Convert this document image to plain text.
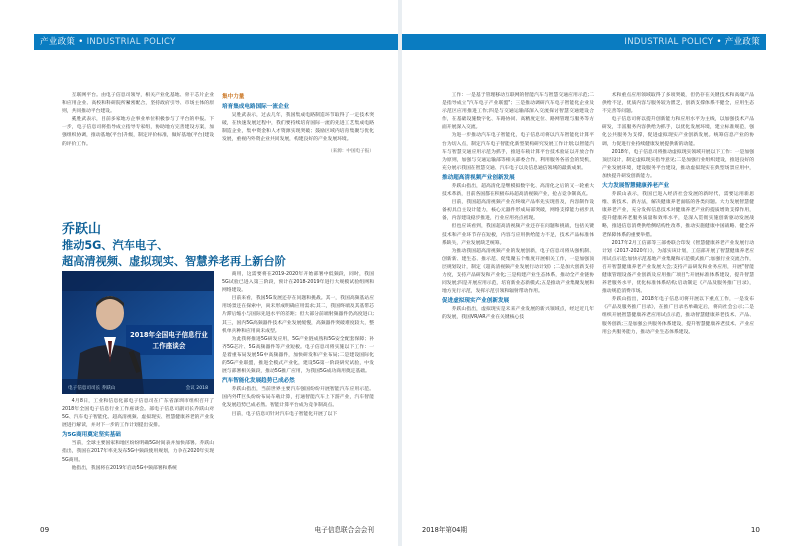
产业政策 • INDUSTRIAL POLICY

互联网平台。由电子信息司领导，相关产业化基地、骨干芯片企业和应用企业、高校和科研院所紧密配合，坚持政府引导、市场主体的原则，共同推动平台建设。

奚胜武表示，目前多家地方企事业单位积极参与了平台的申报。下一步，电子信息司将指导成立指导专家组，协助地方完善建设方案，加强组织协调，推动基地(平台)升级，制定评价标准，做好基地(平台)建设的评价工作。

集中力量
培育集成电路国际一流企业

吴胜武表示，过去几年，我国集成电路制造环节取得了一定技术突破，在快速发展过程中，我们要持续培育国际一流的先进工艺集成电路制造企业，集中资金和人才资源实现突破；鼓励区域内培育集聚与优化发展，重视内外资企业共同发展，构建良好的产业发展环境。

（来源：中国电子报）
乔跃山
推动5G、汽车电子、
超高清视频、虚拟现实、智慧养老再上新台阶
2018年全国电子信息行业
工作座谈会
电子信息司司长 乔跃山	会议 2018

4月8日，工业和信息化部电子信息司在广东省深圳市组织召开了2018年全国电子信息行业工作座谈会。部电子信息司副司长乔跃山对5G、汽车电子智能化、超高清视频、虚拟现实、智慧健康养老的产业发展进行解读，并对下一步的工作计划提出安排。

为5G商用奠定坚实基础

当前，全球主要国家和地区纷纷明确5G时间表并加快部署。乔跃山指出，我国在2017年率先发布5G中频段使用规划，力争在2020年实现5G商用。

他指出，我国将在2019年启动5G中频部署和系统

商用，这需要将在2019-2020年开始部署中低频段，同时，我国5G试验已进入第三阶段，预计在2018-2019年进行大规模试验组网和网络建设。

目前来看，我国5G发展还存在问题和挑战。其一，我国高频基站应用场景还在探索中，尚未形成明确应用需求;其二，我国终端及其基带芯片滞后缩小与国际先进水平的差距；但大部分前端射频器件仍高度进口;其三，国内5G高频器件技术产业发展缓慢，高频器件突破难度较大，整机单兵种和应用尚未成型。

为此我将推进5G研发应用，5G产业链成熟和5G安全配套保障；补齐5G芯片、5G高频器件等产业短板。电子信息司将实施以下工作：一是着重布局发展5G中高频器件，加快研发和产业布局;二是建设国际化的5G产业联盟，推进全模式产业化，建设5G第一阶段研究试验，中发展与部署相关频段，推动5G推广应用，为我国5G成功商用奠定基础。

汽车智能化发展趋势已成必然

乔跃山指出，当前世界主要汽车强国纷纷开展智能汽车应用示范。国内外IT巨头纷纷布局车载计算，打通智能汽车上下游产业，汽车智能化发展趋势已成必然。智能计算平台成为竞争制高点。

目前，电子信息司针对汽车电子智能化开展了以下

09	电子信息联合会会刊
INDUSTRIAL POLICY • 产业政策

工作：一是基于管理移动互联网的智能汽车与智慧交通应用示范;二是指导成立"汽车电子产业联盟"；三是推动调研汽车电子智能化企业及示范区应用推进工作;四是与交通运输部深入交流探讨智慧交通建设合作，在基础设施数字化、车路协同、高精度定位、路网管理与服务等方面开展深入交流。

为进一步推动汽车电子智能化，电子信息司将以汽车智能化计算平台为切入点，制定汽车电子智能化新型架构研究发展工作计划;以智能汽车与智慧交通应用示范为抓手，推进车载计算平台技术验证以开放合作为原则，加强与交通运输部等相关部委合作，利用服务各省会的契机，充分展示我国在智慧交通、汽车电子以及信息通信领域的最新成果。

推动超高清视频产业创新发展

乔跃山指出，超高清化是继模拟数字化、高清化之后的又一轮重大技术革新，目前各国都在积极布局超高清视频产业，抢占竞争制高点。

目前，我国超高清视频产业在终端产品率先实现普及，内容制作设备初具自主设计能力，核心元器件形成局部突破，网络支撑能力初步具备，内容建设稳步推进，行业应用亮点初现。

但也应该看到，我国超高清视频产业还存在问题和挑战，包括关键技术和产业环节存在短板，内容与应用供给能力不足，技术产品标准体系缺失，产业发展缺乏统筹。

为推动我国超高清视频产业的发展创新，电子信息司将从强机制、创新新、建生态、推示范、促集聚五个维度开展相关工作，一是加强顶层规划设计，制定《超高清视频产业发展行动计划》;二是加大创新支持力度，支持产品研发和产业化;三是构建产业生态体系，推动全产业链协同发展;四是开展应用示范，培育新业态新模式;五是推动产业集聚发展和地方先行示范，发挥示范引领和辐射带动作用。

促进虚拟现实产业创新发展

乔跃山指出，虚拟现实是未来产业发展的新兴领域点，经过近几年的发展，我国VR/AR产业在关键核心技

术和重点应用领域取得了多项突破，但仍存在关键技术和高端产品供给不足，优质内容与服务较为匮乏，创新支撑体系不健全，应用生态不完善等问题。

电子信息司将以提升创新能力和应用水平为主线，以加强技术产品研发，丰富服务内容供给为抓手，以优化发展环境，建立标准规范，强化公共服务为支撑，促进虚拟现实产业创新发展。统筹信息产业的协调，力促进行业持续健康发展提供新的动能。

2018年，电子信息司将推动虚拟现实领域开展以下工作：一是加强顶层设计，制定虚拟现实指导意见;二是加强行业组织建设，推进良好的产业发展环境，建设服务平台建设，推动虚拟现实在典型场景应用中，加快提升研发创新能力。

大力发展智慧健康养老产业

乔跃山表示，我国已进入经济社会发展的新时代，需要运用新思维、新技术、新方法，解决健康养老面临的各类问题。大力发展智慧健康养老产业，充分发挥信息技术对健康养老产业的提质增效支撑作用，提升健康养老服务质量和效率水平，是深入贯彻实施创新驱动发展战略，推进信息消费供给侧结构性改革，推动实施健康中国战略、健全养老保障体系的重要举措。

2017年2月工信部等三部委联合印发《智慧健康养老产业发展行动计划（2017-2020年）》，为落实该计划，工信部开展了智慧健康养老应用试点示范;加快示范基地产业集聚和示范模式推广;加强行业交流合作，召开智慧健康养老产业发展大会;支持产品研发和业务应用，开展"智能健康管理设备产业创新及应用推广项目";开展标准体系建设，提升智慧养老服务水平，优化标准体系结构;启动制定《产品及服务推广目录》，推动规范消费市场。

乔跃山指出，2018年电子信息司将开展以下重点工作，一是发布《产品及服务推广目录》，在推广目录名单确定后，将向社会公示;二是组织开展智慧健康养老应用试点示范，推动智慧健康养老技术、产品、服务创新;三是加强公共服务体系建设，提升智慧健康养老技术、产业应用公共服务能力，推动产业生态体系建设。

2018年第04期	10
